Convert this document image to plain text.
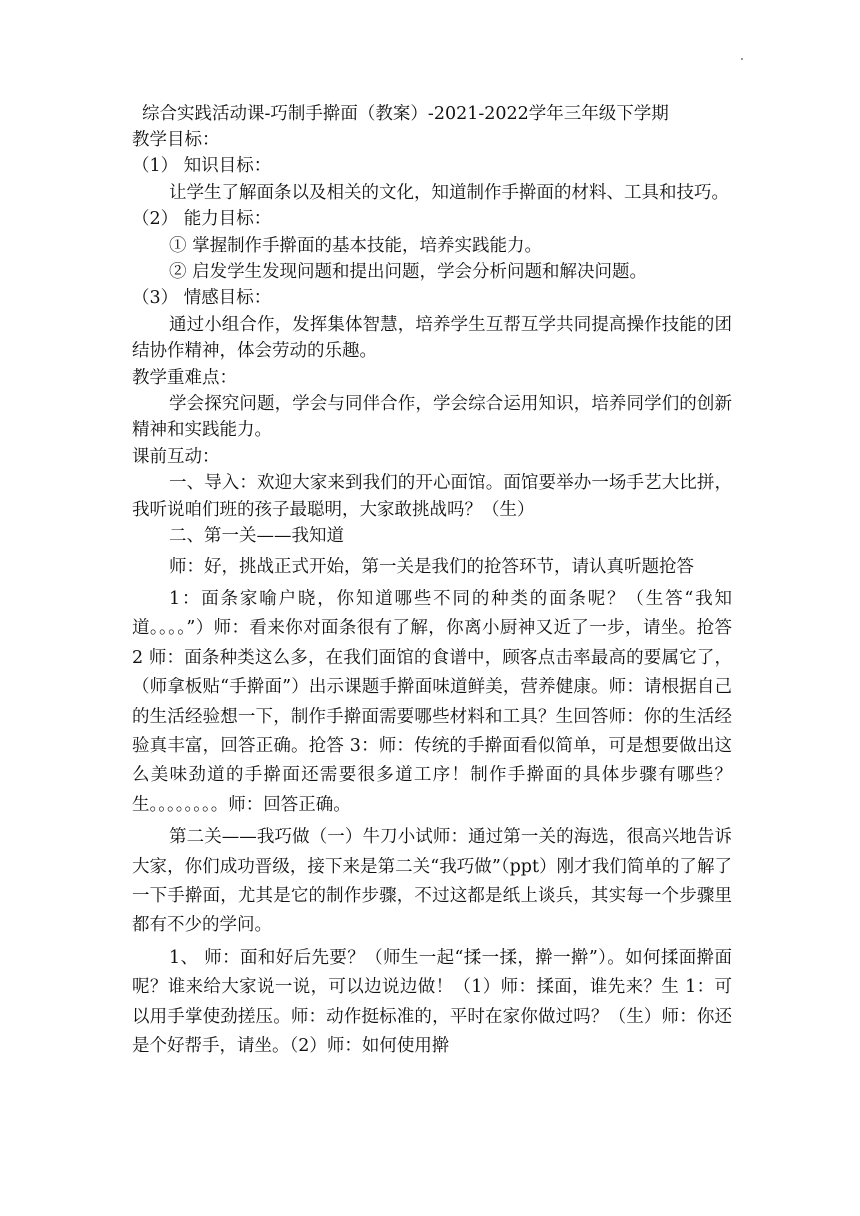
综合实践活动课-巧制手擀面（教案）-2021-2022学年三年级下学期

教学目标：

（1） 知识目标：

让学生了解面条以及相关的文化，知道制作手擀面的材料、工具和技巧。

（2） 能力目标：

① 掌握制作手擀面的基本技能，培养实践能力。

② 启发学生发现问题和提出问题，学会分析问题和解决问题。

（3） 情感目标：

通过小组合作，发挥集体智慧，培养学生互帮互学共同提高操作技能的团结协作精神，体会劳动的乐趣。

教学重难点：

学会探究问题，学会与同伴合作，学会综合运用知识，培养同学们的创新精神和实践能力。

课前互动：

一、导入：欢迎大家来到我们的开心面馆。面馆要举办一场手艺大比拼，我听说咱们班的孩子最聪明，大家敢挑战吗？（生）

二、第一关——我知道

师：好，挑战正式开始，第一关是我们的抢答环节，请认真听题抢答

1：面条家喻户晓，你知道哪些不同的种类的面条呢？（生答“我知道。。。。”）师：看来你对面条很有了解，你离小厨神又近了一步，请坐。抢答 2 师：面条种类这么多，在我们面馆的食谱中，顾客点击率最高的要属它了，（师拿板贴“手擀面”）出示课题手擀面味道鲜美，营养健康。师：请根据自己的生活经验想一下，制作手擀面需要哪些材料和工具？生回答师：你的生活经验真丰富，回答正确。抢答 3：师：传统的手擀面看似简单，可是想要做出这么美味劲道的手擀面还需要很多道工序！制作手擀面的具体步骤有哪些？生。。。。。。。。师：回答正确。

第二关——我巧做（一）牛刀小试师：通过第一关的海选，很高兴地告诉大家，你们成功晋级，接下来是第二关“我巧做”（ppt）刚才我们简单的了解了一下手擀面，尤其是它的制作步骤，不过这都是纸上谈兵，其实每一个步骤里都有不少的学问。

1、 师：面和好后先要？（师生一起“揉一揉，擀一擀”）。如何揉面擀面呢？谁来给大家说一说，可以边说边做！（1）师：揉面，谁先来？生 1：可以用手掌使劲搓压。师：动作挺标准的，平时在家你做过吗？（生）师：你还是个好帮手，请坐。（2）师：如何使用擀
